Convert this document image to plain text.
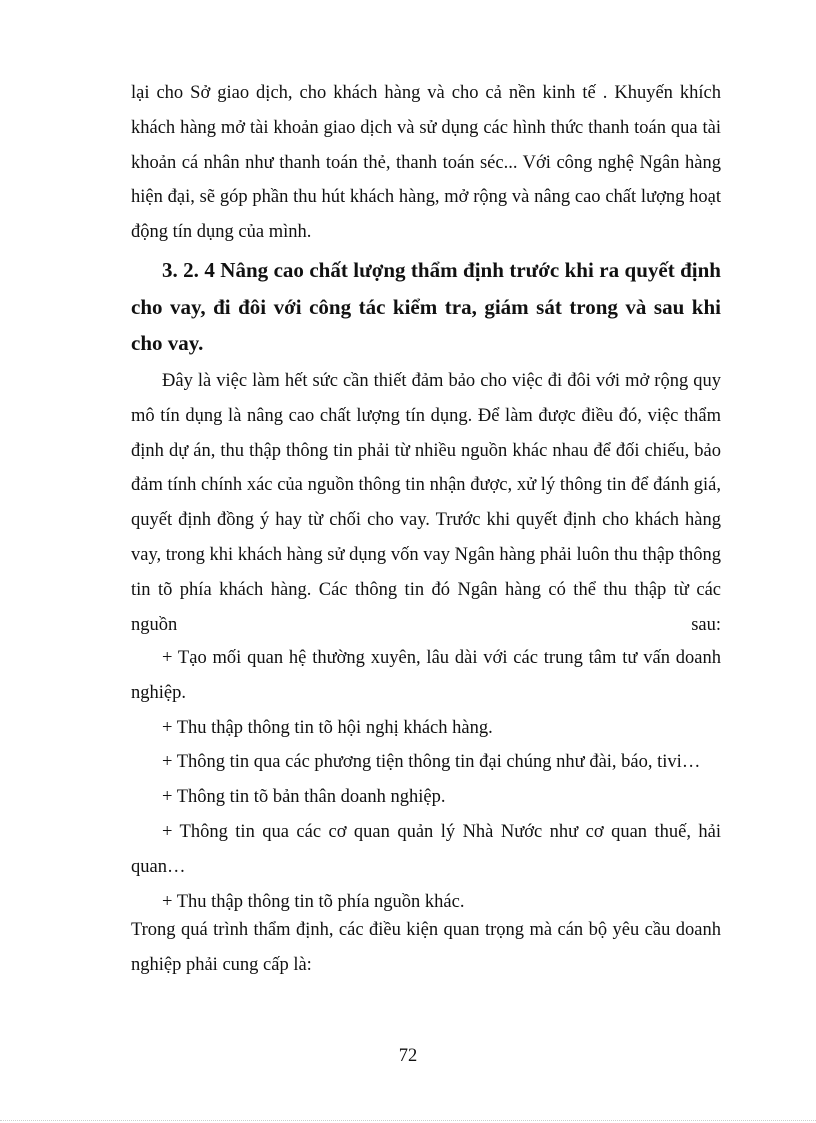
lại cho Sở giao dịch, cho khách hàng và cho cả nền kinh tế . Khuyến khích khách hàng mở tài khoản giao dịch và sử dụng các hình thức thanh toán qua tài khoản cá nhân như thanh toán thẻ, thanh toán séc... Với công nghệ Ngân hàng hiện đại, sẽ góp phần thu hút khách hàng, mở rộng và nâng cao chất lượng hoạt động tín dụng của mình.

3. 2. 4 Nâng cao chất lượng thẩm định trước khi ra quyết định cho vay, đi đôi với công tác kiểm tra, giám sát trong và sau khi cho vay.

Đây là việc làm hết sức cần thiết đảm bảo cho việc đi đôi với mở rộng quy mô tín dụng là nâng cao chất lượng tín dụng. Để làm được điều đó, việc thẩm định dự án, thu thập thông tin phải từ nhiều nguồn khác nhau để đối chiếu, bảo đảm tính chính xác của nguồn thông tin nhận được, xử lý thông tin để đánh giá, quyết định đồng ý hay từ chối cho vay. Trước khi quyết định cho khách hàng vay, trong khi khách hàng sử dụng vốn vay Ngân hàng phải luôn thu thập thông tin tõ phía khách hàng. Các thông tin đó Ngân hàng có thể thu thập từ các nguồn sau:

+ Tạo mối quan hệ thường xuyên, lâu dài với các trung tâm tư vấn doanh nghiệp.

+ Thu thập thông tin tõ hội nghị khách hàng.

+ Thông tin qua các phương tiện thông tin đại chúng như đài, báo, tivi…

+ Thông tin tõ bản thân doanh nghiệp.

+ Thông tin qua các cơ quan quản lý Nhà Nước như cơ quan thuế, hải quan…

+ Thu thập thông tin tõ phía nguồn khác.

Trong quá trình thẩm định, các điều kiện quan trọng mà cán bộ yêu cầu doanh nghiệp phải cung cấp là:

72
